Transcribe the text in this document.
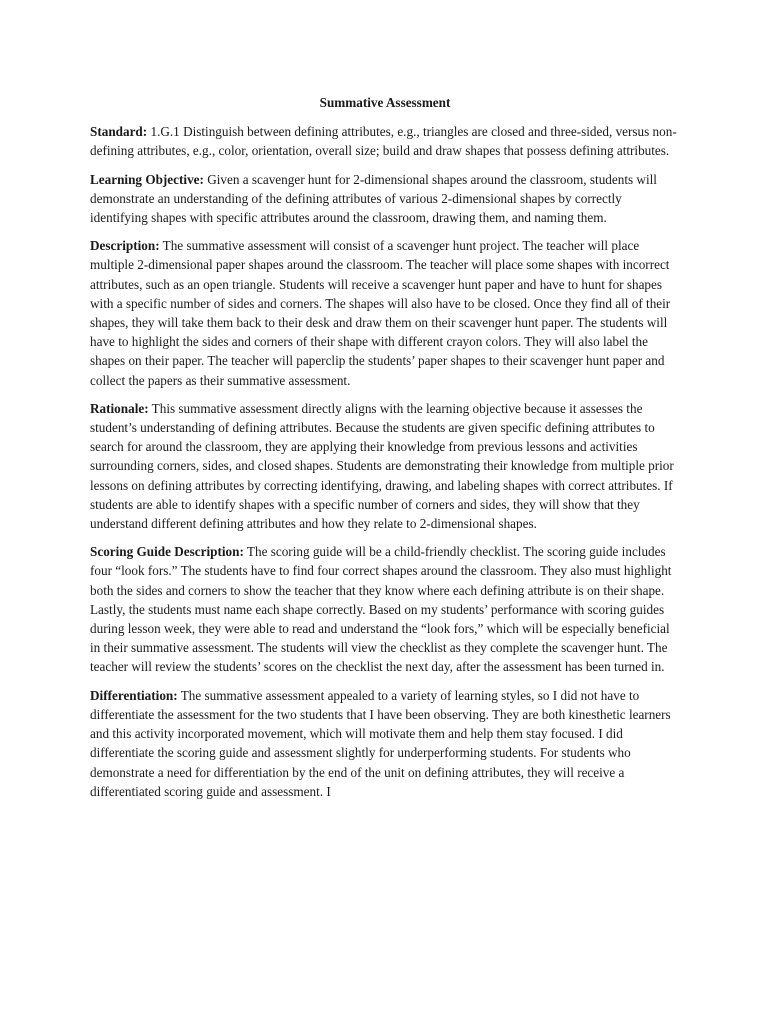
Summative Assessment

Standard: 1.G.1 Distinguish between defining attributes, e.g., triangles are closed and three-sided, versus non-defining attributes, e.g., color, orientation, overall size; build and draw shapes that possess defining attributes.

Learning Objective: Given a scavenger hunt for 2-dimensional shapes around the classroom, students will demonstrate an understanding of the defining attributes of various 2-dimensional shapes by correctly identifying shapes with specific attributes around the classroom, drawing them, and naming them.

Description: The summative assessment will consist of a scavenger hunt project. The teacher will place multiple 2-dimensional paper shapes around the classroom. The teacher will place some shapes with incorrect attributes, such as an open triangle. Students will receive a scavenger hunt paper and have to hunt for shapes with a specific number of sides and corners. The shapes will also have to be closed. Once they find all of their shapes, they will take them back to their desk and draw them on their scavenger hunt paper. The students will have to highlight the sides and corners of their shape with different crayon colors. They will also label the shapes on their paper. The teacher will paperclip the students’ paper shapes to their scavenger hunt paper and collect the papers as their summative assessment.

Rationale: This summative assessment directly aligns with the learning objective because it assesses the student’s understanding of defining attributes. Because the students are given specific defining attributes to search for around the classroom, they are applying their knowledge from previous lessons and activities surrounding corners, sides, and closed shapes. Students are demonstrating their knowledge from multiple prior lessons on defining attributes by correcting identifying, drawing, and labeling shapes with correct attributes. If students are able to identify shapes with a specific number of corners and sides, they will show that they understand different defining attributes and how they relate to 2-dimensional shapes.

Scoring Guide Description: The scoring guide will be a child-friendly checklist. The scoring guide includes four “look fors.” The students have to find four correct shapes around the classroom. They also must highlight both the sides and corners to show the teacher that they know where each defining attribute is on their shape. Lastly, the students must name each shape correctly. Based on my students’ performance with scoring guides during lesson week, they were able to read and understand the “look fors,” which will be especially beneficial in their summative assessment. The students will view the checklist as they complete the scavenger hunt. The teacher will review the students’ scores on the checklist the next day, after the assessment has been turned in.

Differentiation: The summative assessment appealed to a variety of learning styles, so I did not have to differentiate the assessment for the two students that I have been observing. They are both kinesthetic learners and this activity incorporated movement, which will motivate them and help them stay focused. I did differentiate the scoring guide and assessment slightly for underperforming students. For students who demonstrate a need for differentiation by the end of the unit on defining attributes, they will receive a differentiated scoring guide and assessment. I
